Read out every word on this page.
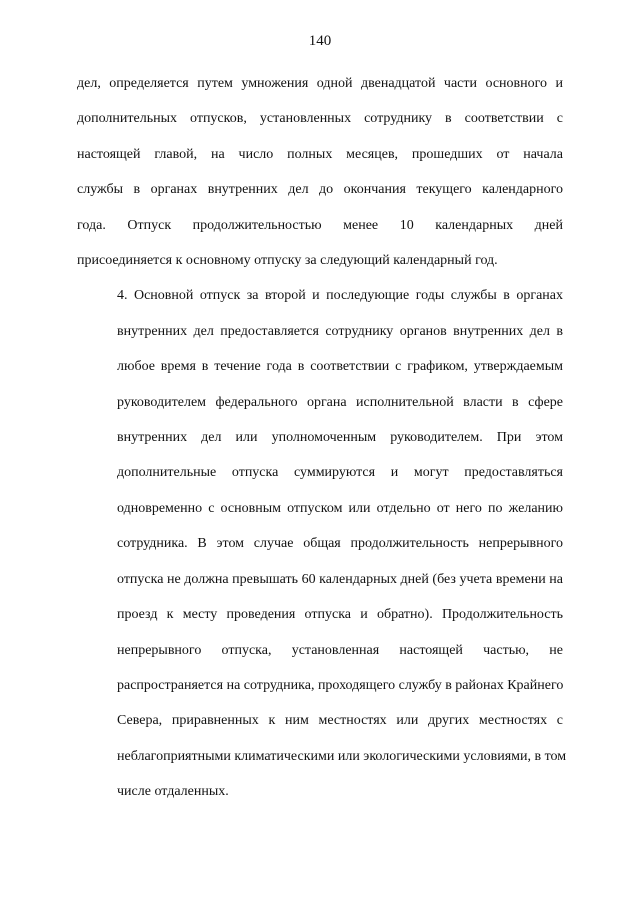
140

дел, определяется путем умножения одной двенадцатой части основного и
дополнительных отпусков, установленных сотруднику в соответствии с
настоящей главой, на число полных месяцев, прошедших от начала
службы в органах внутренних дел до окончания текущего календарного
года. Отпуск продолжительностью менее 10 календарных дней
присоединяется к основному отпуску за следующий календарный год.

4. Основной отпуск за второй и последующие годы службы в органах
внутренних дел предоставляется сотруднику органов внутренних дел в
любое время в течение года в соответствии с графиком, утверждаемым
руководителем федерального органа исполнительной власти в сфере
внутренних дел или уполномоченным руководителем. При этом
дополнительные отпуска суммируются и могут предоставляться
одновременно с основным отпуском или отдельно от него по желанию
сотрудника. В этом случае общая продолжительность непрерывного
отпуска не должна превышать 60 календарных дней (без учета времени на
проезд к месту проведения отпуска и обратно). Продолжительность
непрерывного отпуска, установленная настоящей частью, не
распространяется на сотрудника, проходящего службу в районах Крайнего
Севера, приравненных к ним местностях или других местностях с
неблагоприятными климатическими или экологическими условиями, в том
числе отдаленных.
